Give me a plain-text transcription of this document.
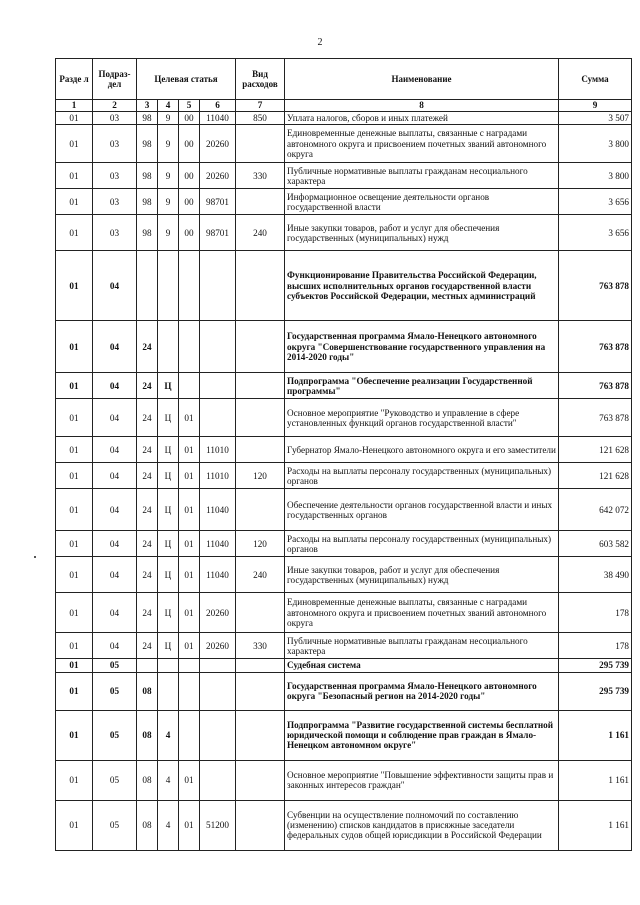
2
Разде л	Подраз-дел	Целевая статья				Вид расходов	Наименование	Сумма
1	2	3	4	5	6	7	8	9
01	03	98	9	00	11040	850	Уплата налогов, сборов и иных платежей	3 507
01	03	98	9	00	20260		Единовременные денежные выплаты, связанные с наградами автономного округа и присвоением почетных званий автономного округа	3 800
01	03	98	9	00	20260	330	Публичные нормативные выплаты гражданам несоциального характера	3 800
01	03	98	9	00	98701		Информационное освещение деятельности органов государственной власти	3 656
01	03	98	9	00	98701	240	Иные закупки товаров, работ и услуг для обеспечения государственных (муниципальных) нужд	3 656
01	04						Функционирование Правительства Российской Федерации, высших исполнительных органов государственной власти субъектов Российской Федерации, местных администраций	763 878
01	04	24					Государственная программа Ямало-Ненецкого автономного округа "Совершенствование государственного управления на 2014-2020 годы"	763 878
01	04	24	Ц				Подпрограмма "Обеспечение реализации Государственной программы"	763 878
01	04	24	Ц	01			Основное мероприятие "Руководство и управление в сфере установленных функций органов государственной власти"	763 878
01	04	24	Ц	01	11010		Губернатор Ямало-Ненецкого автономного округа и его заместители	121 628
01	04	24	Ц	01	11010	120	Расходы на выплаты персоналу государственных (муниципальных) органов	121 628
01	04	24	Ц	01	11040		Обеспечение деятельности органов государственной власти и иных государственных органов	642 072
01	04	24	Ц	01	11040	120	Расходы на выплаты персоналу государственных (муниципальных) органов	603 582
01	04	24	Ц	01	11040	240	Иные закупки товаров, работ и услуг для обеспечения государственных (муниципальных) нужд	38 490
01	04	24	Ц	01	20260		Единовременные денежные выплаты, связанные с наградами автономного округа и присвоением почетных званий автономного округа	178
01	04	24	Ц	01	20260	330	Публичные нормативные выплаты гражданам несоциального характера	178
01	05						Судебная система	295 739
01	05	08					Государственная программа Ямало-Ненецкого автономного округа "Безопасный регион на 2014-2020 годы"	295 739
01	05	08	4				Подпрограмма "Развитие государственной системы бесплатной юридической помощи и соблюдение прав граждан в Ямало-Ненецком автономном округе"	1 161
01	05	08	4	01			Основное мероприятие "Повышение эффективности защиты прав и законных интересов граждан"	1 161
01	05	08	4	01	51200		Субвенции на осуществление полномочий по составлению (изменению) списков кандидатов в присяжные заседатели федеральных судов общей юрисдикции в Российской Федерации	1 161
